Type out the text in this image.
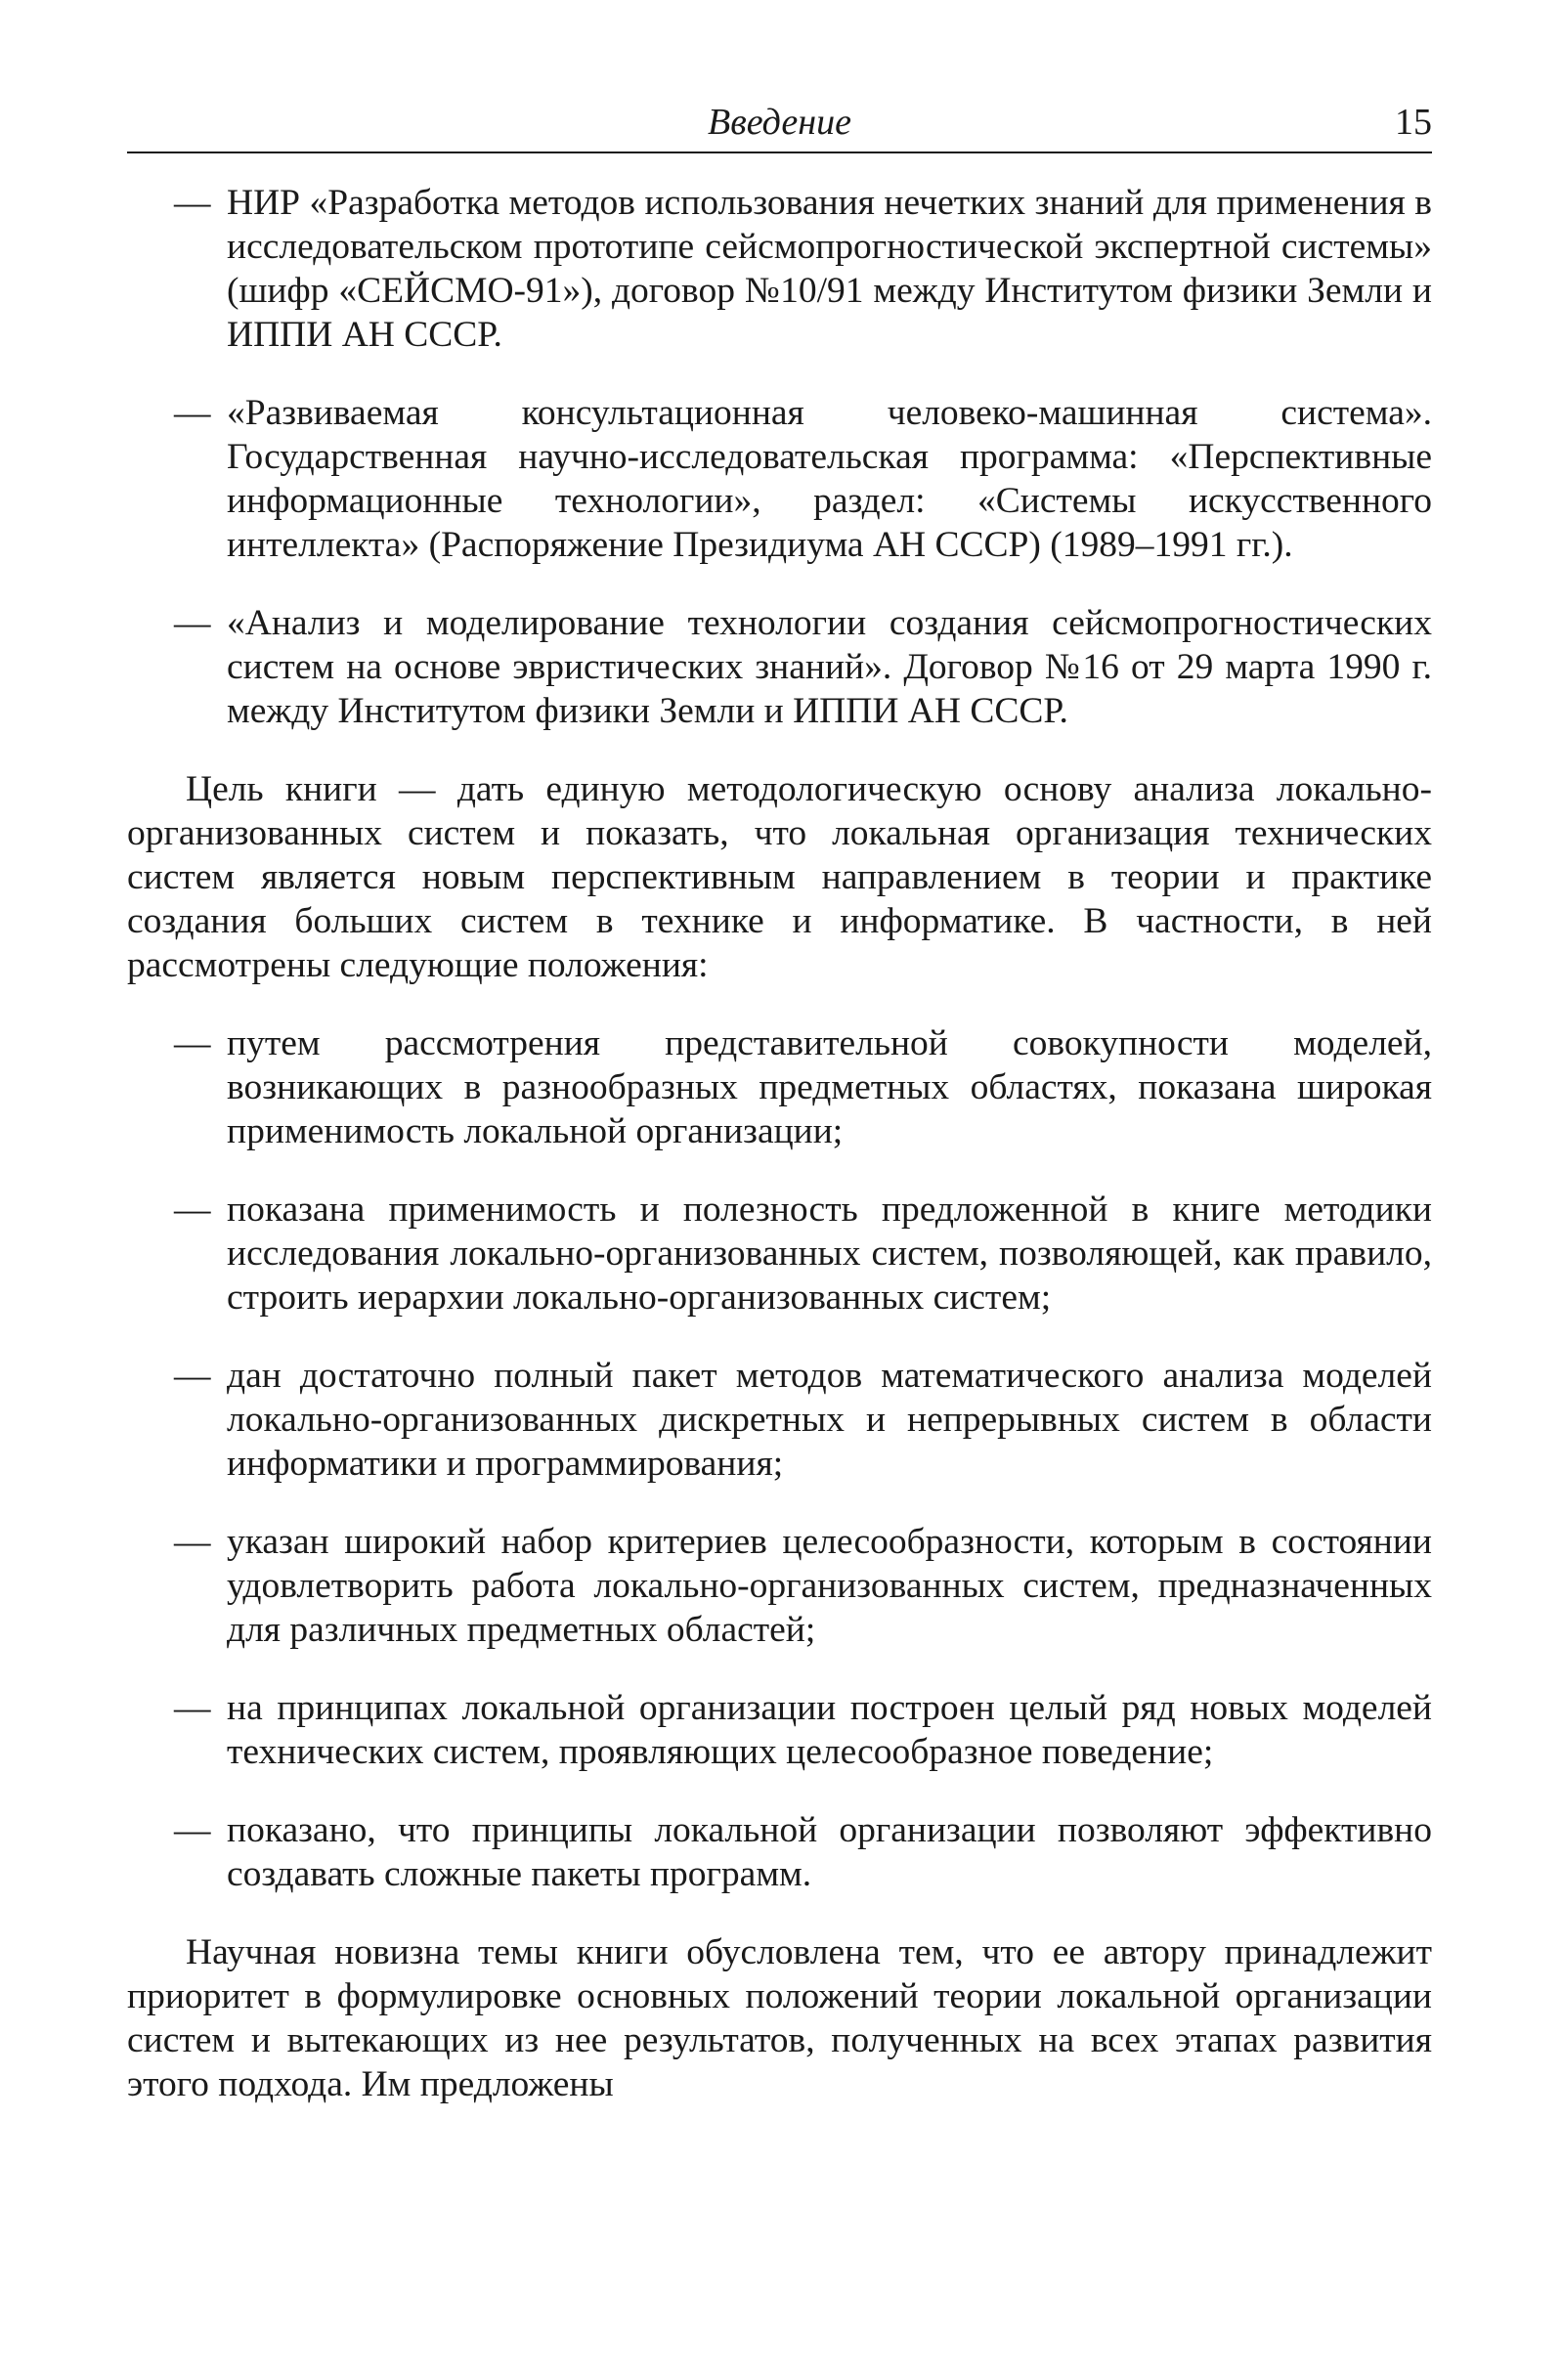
Введение	15

— НИР «Разработка методов использования нечетких знаний для применения в исследовательском прототипе сейсмопрогностической экспертной системы» (шифр «СЕЙСМО-91»), договор №10/91 между Институтом физики Земли и ИППИ АН СССР.

— «Развиваемая консультационная человеко-машинная система». Государственная научно-исследовательская программа: «Перспективные информационные технологии», раздел: «Системы искусственного интеллекта» (Распоряжение Президиума АН СССР) (1989–1991 гг.).

— «Анализ и моделирование технологии создания сейсмопрогностических систем на основе эвристических знаний». Договор №16 от 29 марта 1990 г. между Институтом физики Земли и ИППИ АН СССР.

Цель книги — дать единую методологическую основу анализа локально-организованных систем и показать, что локальная организация технических систем является новым перспективным направлением в теории и практике создания больших систем в технике и информатике. В частности, в ней рассмотрены следующие положения:

— путем рассмотрения представительной совокупности моделей, возникающих в разнообразных предметных областях, показана широкая применимость локальной организации;

— показана применимость и полезность предложенной в книге методики исследования локально-организованных систем, позволяющей, как правило, строить иерархии локально-организованных систем;

— дан достаточно полный пакет методов математического анализа моделей локально-организованных дискретных и непрерывных систем в области информатики и программирования;

— указан широкий набор критериев целесообразности, которым в состоянии удовлетворить работа локально-организованных систем, предназначенных для различных предметных областей;

— на принципах локальной организации построен целый ряд новых моделей технических систем, проявляющих целесообразное поведение;

— показано, что принципы локальной организации позволяют эффективно создавать сложные пакеты программ.

Научная новизна темы книги обусловлена тем, что ее автору принадлежит приоритет в формулировке основных положений теории локальной организации систем и вытекающих из нее результатов, полученных на всех этапах развития этого подхода. Им предложены
